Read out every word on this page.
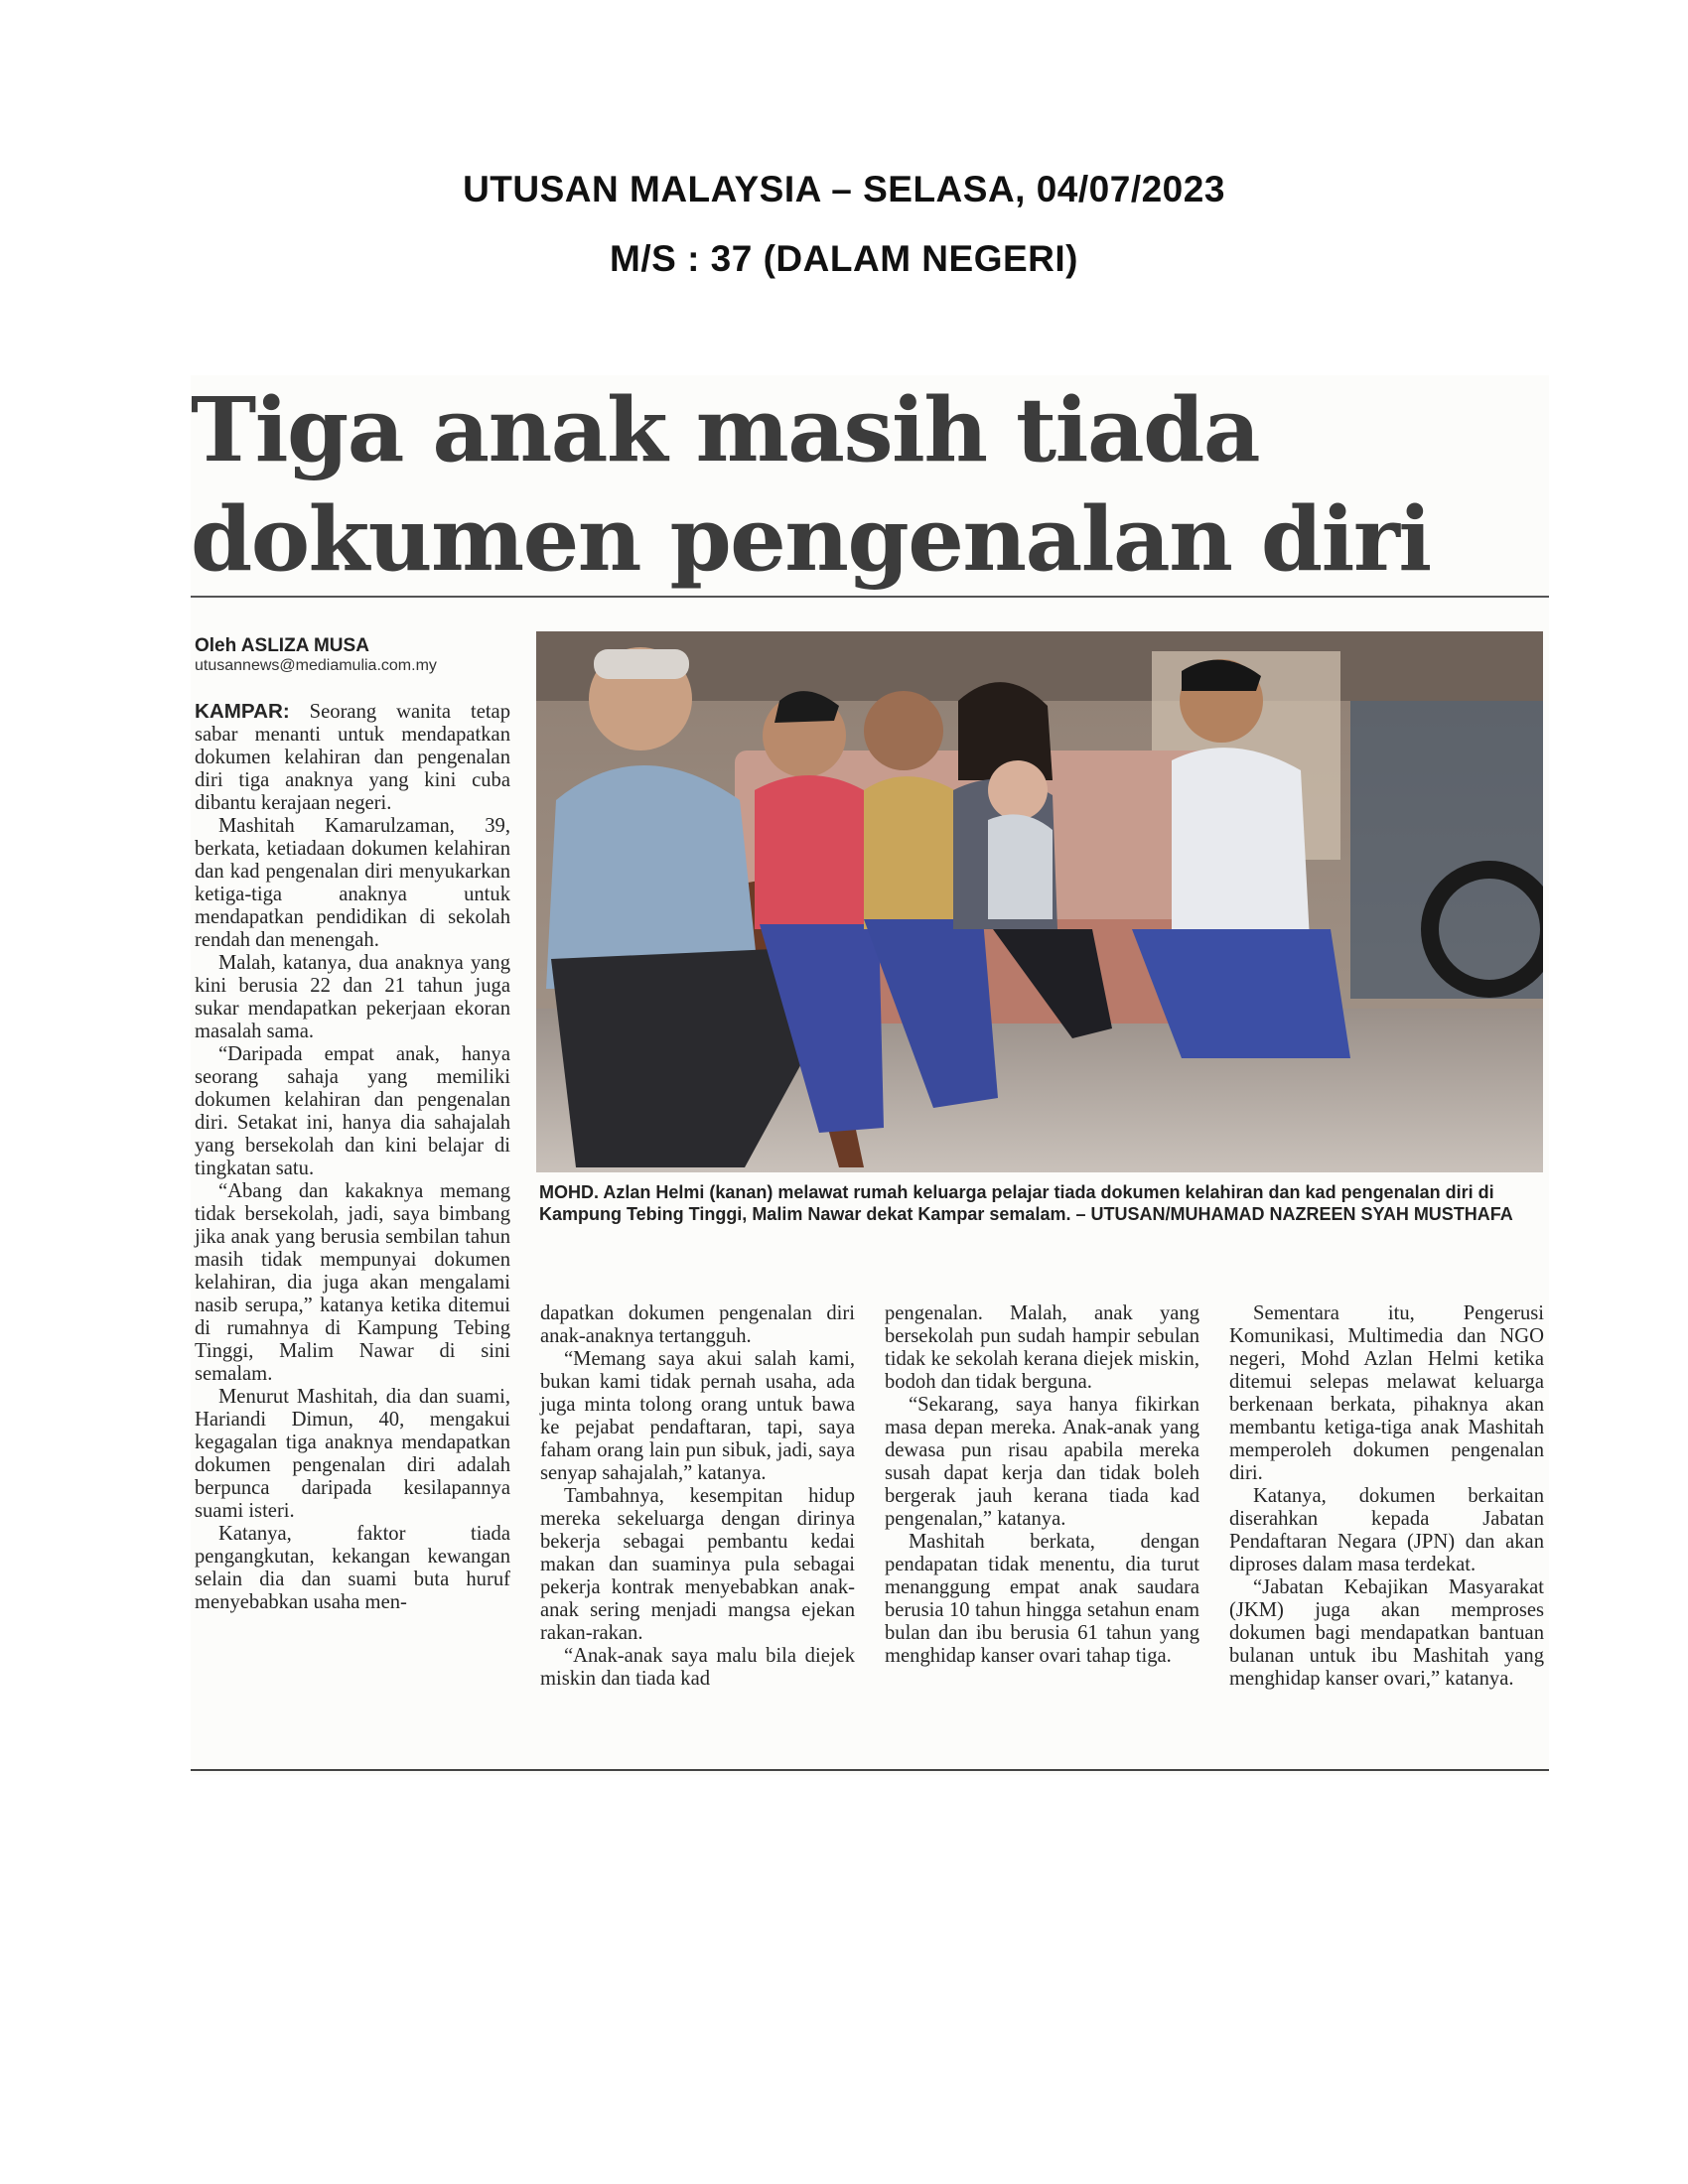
UTUSAN MALAYSIA – SELASA, 04/07/2023
M/S : 37 (DALAM NEGERI)
Tiga anak masih tiada
dokumen pengenalan diri
Oleh ASLIZA MUSA
utusannews@mediamulia.com.my

KAMPAR: Seorang wanita tetap sabar menanti untuk mendapatkan dokumen kelahiran dan pengenalan diri tiga anaknya yang kini cuba dibantu kerajaan negeri.

Mashitah Kamarulzaman, 39, berkata, ketiadaan dokumen kelahiran dan kad pengenalan diri menyukarkan ketiga-tiga anaknya untuk mendapatkan pendidikan di sekolah rendah dan menengah.

Malah, katanya, dua anaknya yang kini berusia 22 dan 21 tahun juga sukar mendapatkan pekerjaan ekoran masalah sama.

“Daripada empat anak, hanya seorang sahaja yang memiliki dokumen kelahiran dan pengenalan diri. Setakat ini, hanya dia sahajalah yang bersekolah dan kini belajar di tingkatan satu.

“Abang dan kakaknya memang tidak bersekolah, jadi, saya bimbang jika anak yang berusia sembilan tahun masih tidak mempunyai dokumen kelahiran, dia juga akan mengalami nasib serupa,” katanya ketika ditemui di rumahnya di Kampung Tebing Tinggi, Malim Nawar di sini semalam.

Menurut Mashitah, dia dan suami, Hariandi Dimun, 40, mengakui kegagalan tiga anaknya mendapatkan dokumen pengenalan diri adalah berpunca daripada kesilapannya suami isteri.

Katanya, faktor tiada pengangkutan, kekangan kewangan selain dia dan suami buta huruf menyebabkan usaha men-

MOHD. Azlan Helmi (kanan) melawat rumah keluarga pelajar tiada dokumen kelahiran dan kad pengenalan diri di Kampung Tebing Tinggi, Malim Nawar dekat Kampar semalam. – UTUSAN/MUHAMAD NAZREEN SYAH MUSTHAFA

dapatkan dokumen pengenalan diri anak-anaknya tertangguh.

“Memang saya akui salah kami, bukan kami tidak pernah usaha, ada juga minta tolong orang untuk bawa ke pejabat pendaftaran, tapi, saya faham orang lain pun sibuk, jadi, saya senyap sahajalah,” katanya.

Tambahnya, kesempitan hidup mereka sekeluarga dengan dirinya bekerja sebagai pembantu kedai makan dan suaminya pula sebagai pekerja kontrak menyebabkan anak-anak sering menjadi mangsa ejekan rakan-rakan.

“Anak-anak saya malu bila diejek miskin dan tiada kad

pengenalan. Malah, anak yang bersekolah pun sudah hampir sebulan tidak ke sekolah kerana diejek miskin, bodoh dan tidak berguna.

“Sekarang, saya hanya fikirkan masa depan mereka. Anak-anak yang dewasa pun risau apabila mereka susah dapat kerja dan tidak boleh bergerak jauh kerana tiada kad pengenalan,” katanya.

Mashitah berkata, dengan pendapatan tidak menentu, dia turut menanggung empat anak saudara berusia 10 tahun hingga setahun enam bulan dan ibu berusia 61 tahun yang menghidap kanser ovari tahap tiga.

Sementara itu, Pengerusi Komunikasi, Multimedia dan NGO negeri, Mohd Azlan Helmi ketika ditemui selepas melawat keluarga berkenaan berkata, pihaknya akan membantu ketiga-tiga anak Mashitah memperoleh dokumen pengenalan diri.

Katanya, dokumen berkaitan diserahkan kepada Jabatan Pendaftaran Negara (JPN) dan akan diproses dalam masa terdekat.

“Jabatan Kebajikan Masyarakat (JKM) juga akan memproses dokumen bagi mendapatkan bantuan bulanan untuk ibu Mashitah yang menghidap kanser ovari,” katanya.
